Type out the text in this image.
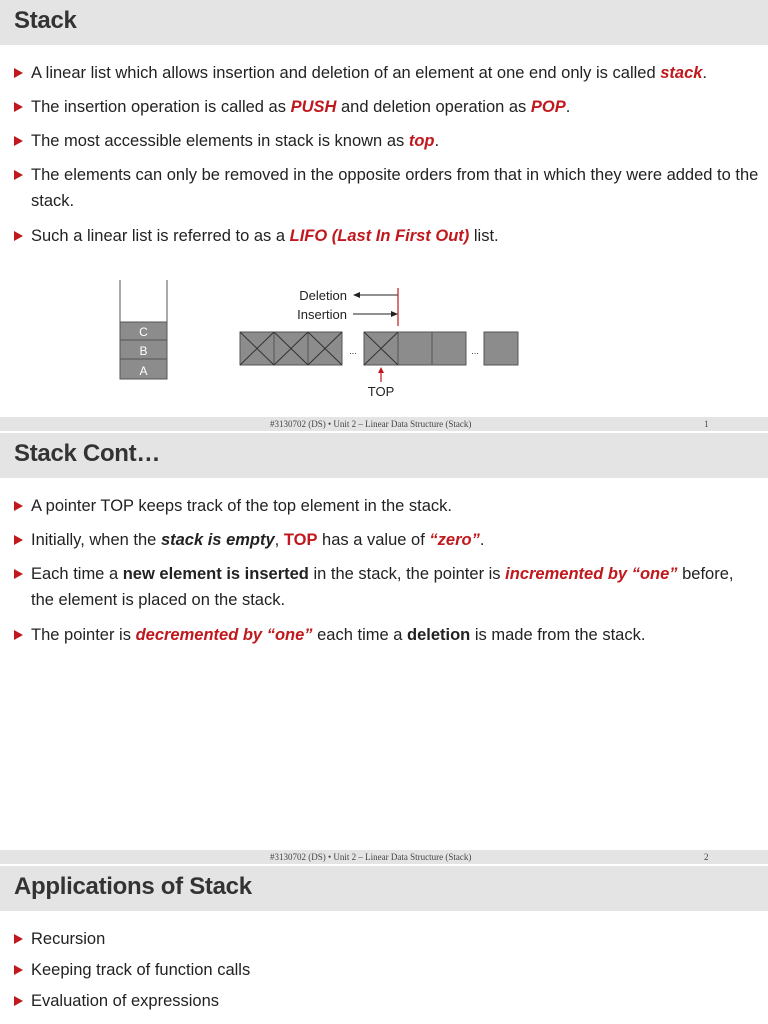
Stack
A linear list which allows insertion and deletion of an element at one end only is called stack.
The insertion operation is called as PUSH and deletion operation as POP.
The most accessible elements in stack is known as top.
The elements can only be removed in the opposite orders from that in which they were added to the stack.
Such a linear list is referred to as a LIFO (Last In First Out) list.
C
B
A
...	...
Deletion
Insertion
TOP
#3130702 (DS) • Unit 2 – Linear Data Structure (Stack)	1
Stack Cont…
A pointer TOP keeps track of the top element in the stack.
Initially, when the stack is empty, TOP has a value of “zero”.
Each time a new element is inserted in the stack, the pointer is incremented by “one” before, the element is placed on the stack.
The pointer is decremented by “one” each time a deletion is made from the stack.
#3130702 (DS) • Unit 2 – Linear Data Structure (Stack)	2
Applications of Stack
Recursion
Keeping track of function calls
Evaluation of expressions
